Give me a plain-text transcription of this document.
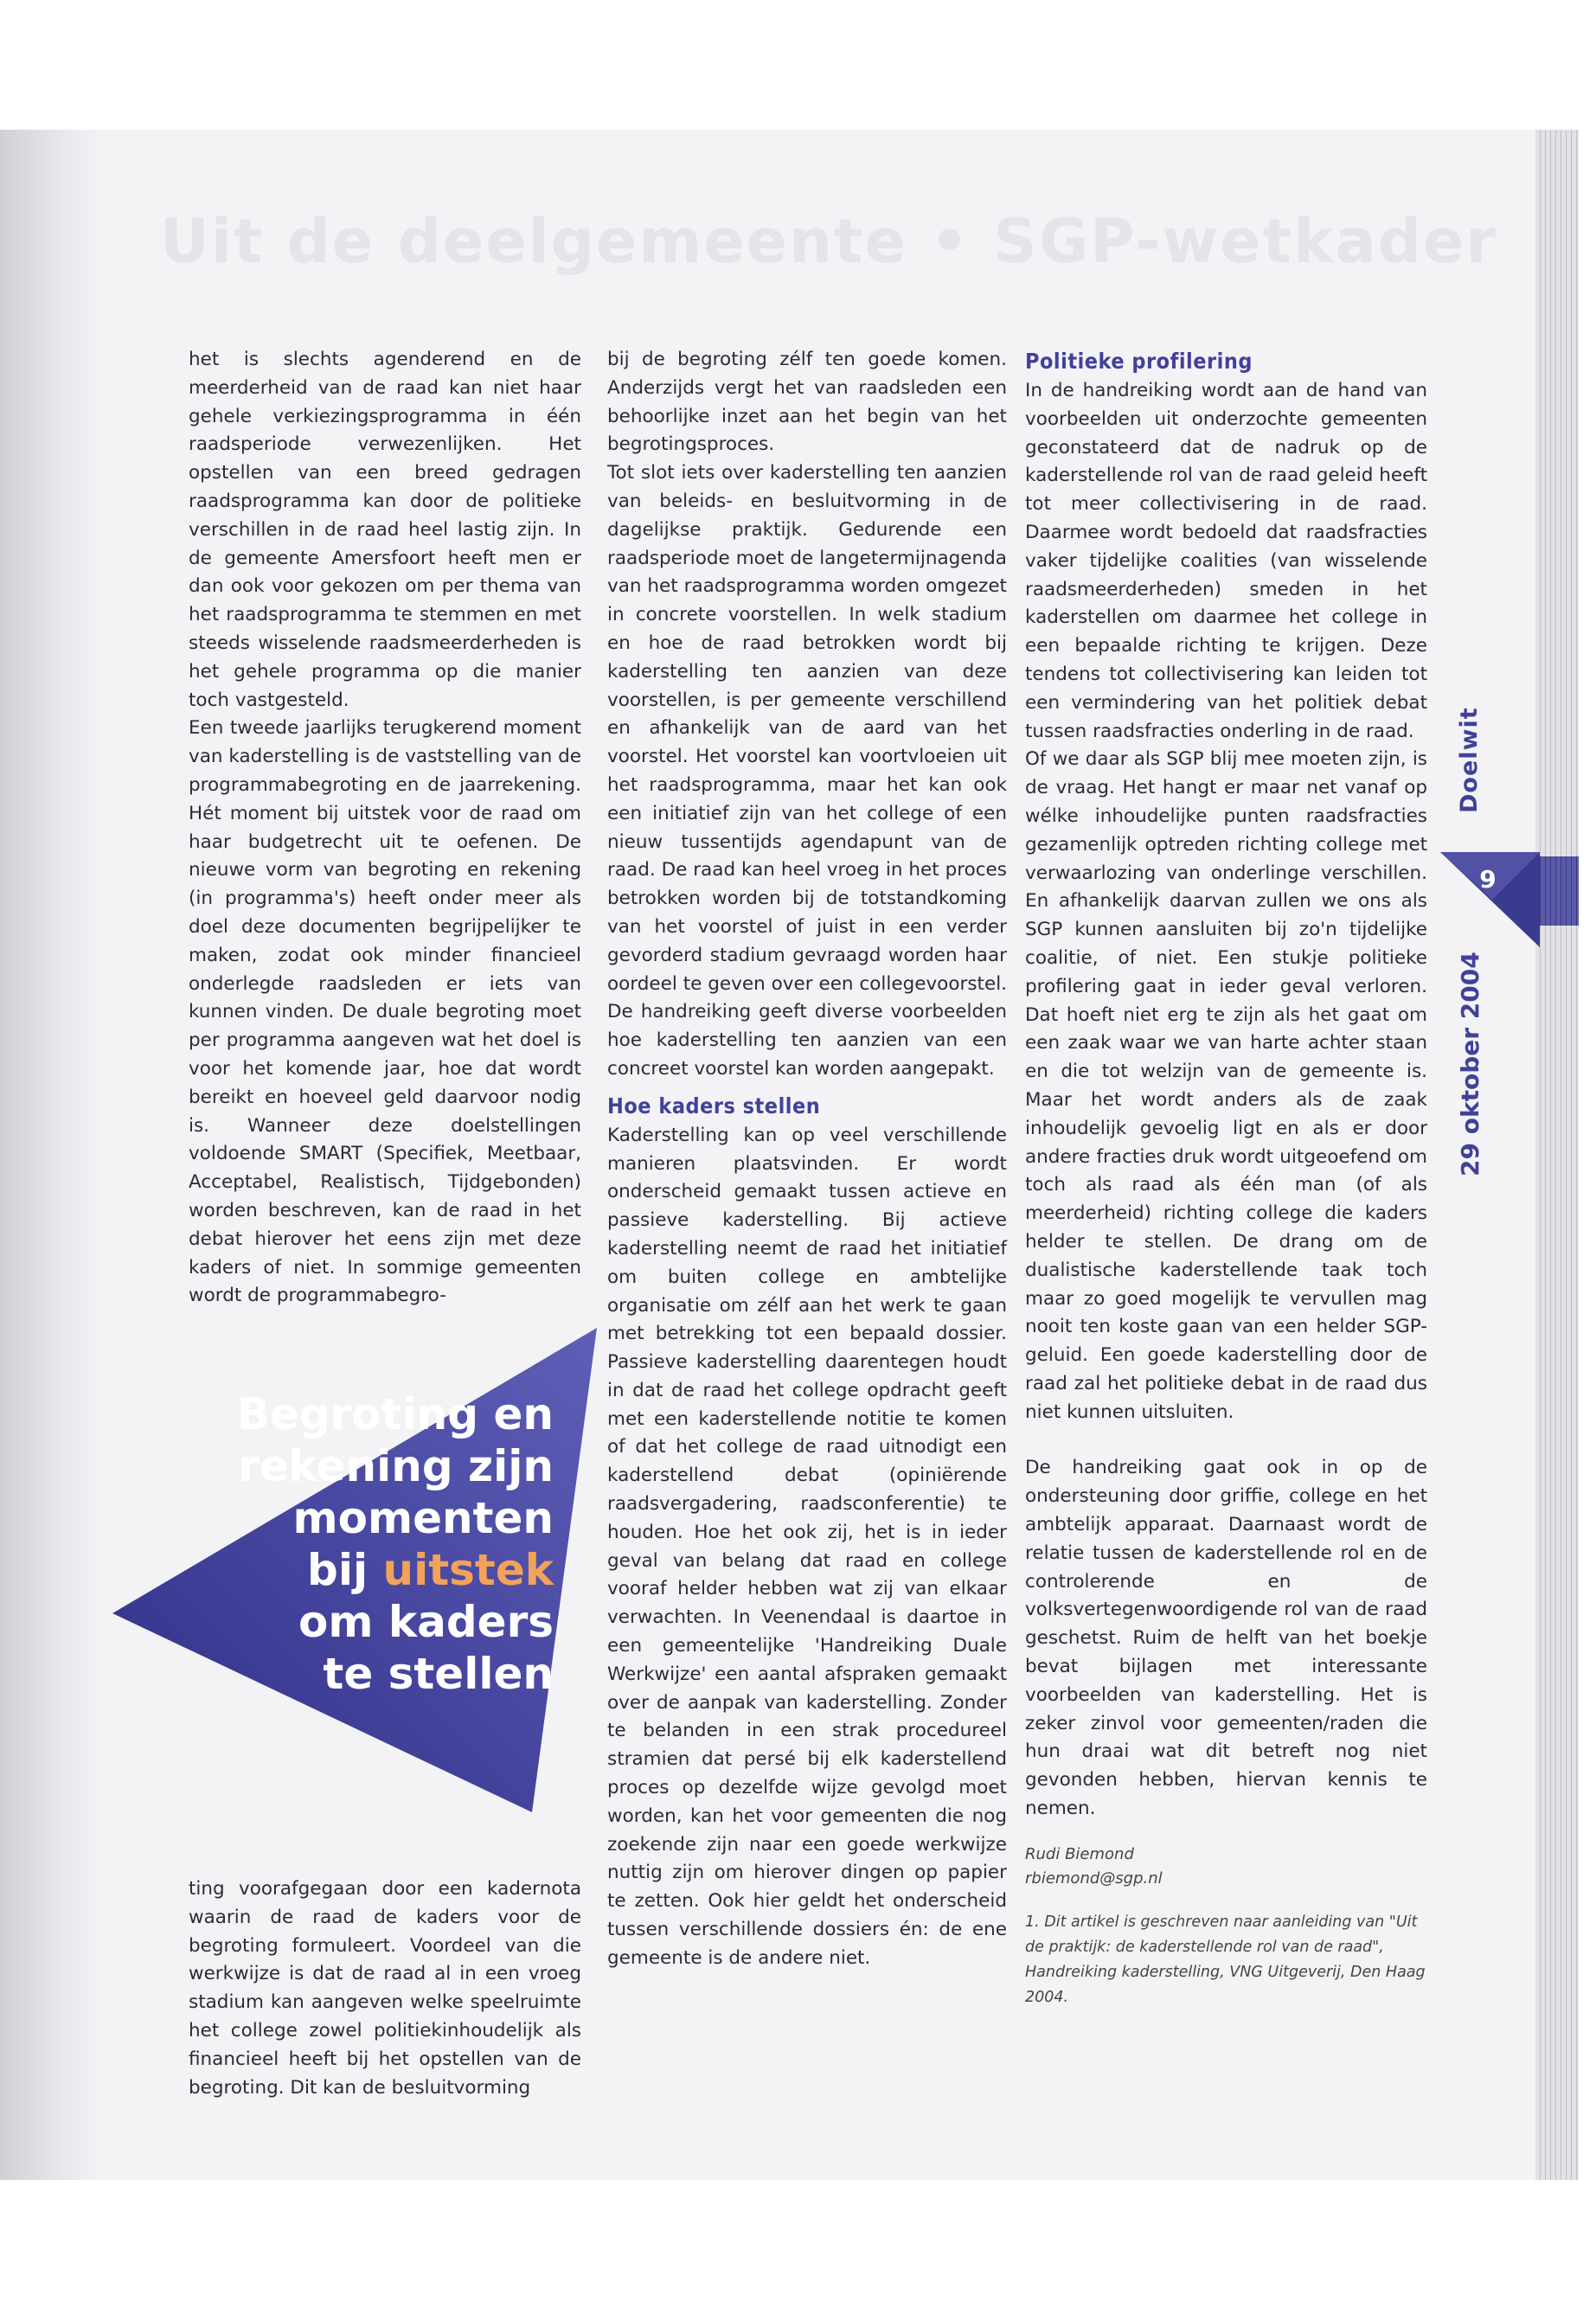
Uit de deelgemeente • SGP-wetkader

het is slechts agenderend en de meerderheid van de raad kan niet haar gehele verkiezingsprogramma in één raadsperiode verwezenlijken. Het opstellen van een breed gedragen raadsprogramma kan door de politieke verschillen in de raad heel lastig zijn. In de gemeente Amersfoort heeft men er dan ook voor gekozen om per thema van het raadsprogramma te stemmen en met steeds wisselende raadsmeerderheden is het gehele programma op die manier toch vastgesteld.

Een tweede jaarlijks terugkerend moment van kaderstelling is de vaststelling van de programmabegroting en de jaarrekening. Hét moment bij uitstek voor de raad om haar budgetrecht uit te oefenen. De nieuwe vorm van begroting en rekening (in programma's) heeft onder meer als doel deze documenten begrijpelijker te maken, zodat ook minder financieel onderlegde raadsleden er iets van kunnen vinden. De duale begroting moet per programma aangeven wat het doel is voor het komende jaar, hoe dat wordt bereikt en hoeveel geld daarvoor nodig is. Wanneer deze doelstellingen voldoende SMART (Specifiek, Meetbaar, Acceptabel, Realistisch, Tijdgebonden) worden beschreven, kan de raad in het debat hierover het eens zijn met deze kaders of niet. In sommige gemeenten wordt de programmabegro-

Begroting en
rekening zijn
momenten
bij uitstek
om kaders
te stellen

ting voorafgegaan door een kadernota waarin de raad de kaders voor de begroting formuleert. Voordeel van die werkwijze is dat de raad al in een vroeg stadium kan aangeven welke speelruimte het college zowel politiekinhoudelijk als financieel heeft bij het opstellen van de begroting. Dit kan de besluitvorming

bij de begroting zélf ten goede komen. Anderzijds vergt het van raadsleden een behoorlijke inzet aan het begin van het begrotingsproces.

Tot slot iets over kaderstelling ten aanzien van beleids- en besluitvorming in de dagelijkse praktijk. Gedurende een raadsperiode moet de langetermijnagenda van het raadsprogramma worden omgezet in concrete voorstellen. In welk stadium en hoe de raad betrokken wordt bij kaderstelling ten aanzien van deze voorstellen, is per gemeente verschillend en afhankelijk van de aard van het voorstel. Het voorstel kan voortvloeien uit het raadsprogramma, maar het kan ook een initiatief zijn van het college of een nieuw tussentijds agendapunt van de raad. De raad kan heel vroeg in het proces betrokken worden bij de totstandkoming van het voorstel of juist in een verder gevorderd stadium gevraagd worden haar oordeel te geven over een collegevoorstel. De handreiking geeft diverse voorbeelden hoe kaderstelling ten aanzien van een concreet voorstel kan worden aangepakt.

Hoe kaders stellen

Kaderstelling kan op veel verschillende manieren plaatsvinden. Er wordt onderscheid gemaakt tussen actieve en passieve kaderstelling. Bij actieve kaderstelling neemt de raad het initiatief om buiten college en ambtelijke organisatie om zélf aan het werk te gaan met betrekking tot een bepaald dossier. Passieve kaderstelling daarentegen houdt in dat de raad het college opdracht geeft met een kaderstellende notitie te komen of dat het college de raad uitnodigt een kaderstellend debat (opiniërende raadsvergadering, raadsconferentie) te houden. Hoe het ook zij, het is in ieder geval van belang dat raad en college vooraf helder hebben wat zij van elkaar verwachten. In Veenendaal is daartoe in een gemeentelijke 'Handreiking Duale Werkwijze' een aantal afspraken gemaakt over de aanpak van kaderstelling. Zonder te belanden in een strak procedureel stramien dat persé bij elk kaderstellend proces op dezelfde wijze gevolgd moet worden, kan het voor gemeenten die nog zoekende zijn naar een goede werkwijze nuttig zijn om hierover dingen op papier te zetten. Ook hier geldt het onderscheid tussen verschillende dossiers én: de ene gemeente is de andere niet.

Politieke profilering

In de handreiking wordt aan de hand van voorbeelden uit onderzochte gemeenten geconstateerd dat de nadruk op de kaderstellende rol van de raad geleid heeft tot meer collectivisering in de raad. Daarmee wordt bedoeld dat raadsfracties vaker tijdelijke coalities (van wisselende raadsmeerderheden) smeden in het kaderstellen om daarmee het college in een bepaalde richting te krijgen. Deze tendens tot collectivisering kan leiden tot een vermindering van het politiek debat tussen raadsfracties onderling in de raad.

Of we daar als SGP blij mee moeten zijn, is de vraag. Het hangt er maar net vanaf op wélke inhoudelijke punten raadsfracties gezamenlijk optreden richting college met verwaarlozing van onderlinge verschillen. En afhankelijk daarvan zullen we ons als SGP kunnen aansluiten bij zo'n tijdelijke coalitie, of niet. Een stukje politieke profilering gaat in ieder geval verloren. Dat hoeft niet erg te zijn als het gaat om een zaak waar we van harte achter staan en die tot welzijn van de gemeente is. Maar het wordt anders als de zaak inhoudelijk gevoelig ligt en als er door andere fracties druk wordt uitgeoefend om toch als raad als één man (of als meerderheid) richting college die kaders helder te stellen. De drang om de dualistische kaderstellende taak toch maar zo goed mogelijk te vervullen mag nooit ten koste gaan van een helder SGP-geluid. Een goede kaderstelling door de raad zal het politieke debat in de raad dus niet kunnen uitsluiten.

De handreiking gaat ook in op de ondersteuning door griffie, college en het ambtelijk apparaat. Daarnaast wordt de relatie tussen de kaderstellende rol en de controlerende en de volksvertegenwoordigende rol van de raad geschetst. Ruim de helft van het boekje bevat bijlagen met interessante voorbeelden van kaderstelling. Het is zeker zinvol voor gemeenten/raden die hun draai wat dit betreft nog niet gevonden hebben, hiervan kennis te nemen.

Rudi Biemond
rbiemond@sgp.nl
1. Dit artikel is geschreven naar aanleiding van "Uit de praktijk: de kaderstellende rol van de raad", Handreiking kaderstelling, VNG Uitgeverij, Den Haag 2004.
Doelwit
9
29 oktober 2004
